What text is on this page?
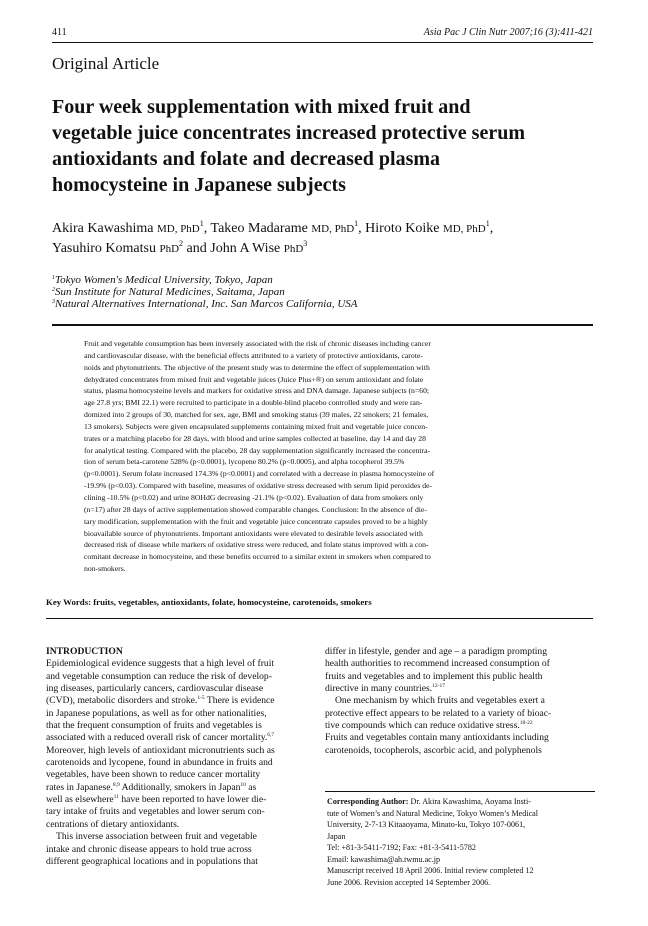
411	Asia Pac J Clin Nutr 2007;16 (3):411-421
Original Article
Four week supplementation with mixed fruit and
vegetable juice concentrates increased protective serum
antioxidants and folate and decreased plasma
homocysteine in Japanese subjects
Akira Kawashima MD, PhD$^1$, Takeo Madarame MD, PhD$^1$, Hiroto Koike MD, PhD$^1$,
Yasuhiro Komatsu PhD$^2$ and John A Wise PhD$^3$
$^1$Tokyo Women's Medical University, Tokyo, Japan
$^2$Sun Institute for Natural Medicines, Saitama, Japan
$^3$Natural Alternatives International, Inc. San Marcos California, USA
Fruit and vegetable consumption has been inversely associated with the risk of chronic diseases including cancer
and cardiovascular disease, with the beneficial effects attributed to a variety of protective antioxidants, carote-
noids and phytonutrients. The objective of the present study was to determine the effect of supplementation with
dehydrated concentrates from mixed fruit and vegetable juices (Juice Plus+®) on serum antioxidant and folate
status, plasma homocysteine levels and markers for oxidative stress and DNA damage. Japanese subjects (n=60;
age 27.8 yrs; BMI 22.1) were recruited to participate in a double-blind placebo controlled study and were ran-
domized into 2 groups of 30, matched for sex, age, BMI and smoking status (39 males, 22 smokers; 21 females,
13 smokers). Subjects were given encapsulated supplements containing mixed fruit and vegetable juice concen-
trates or a matching placebo for 28 days, with blood and urine samples collected at baseline, day 14 and day 28
for analytical testing. Compared with the placebo, 28 day supplementation significantly increased the concentra-
tion of serum beta-carotene 528% (p<0.0001), lycopene 80.2% (p<0.0005), and alpha tocopherol 39.5%
(p<0.0001). Serum folate increased 174.3% (p<0.0001) and correlated with a decrease in plasma homocysteine of
-19.9% (p<0.03). Compared with baseline, measures of oxidative stress decreased with serum lipid peroxides de-
clining -10.5% (p<0.02) and urine 8OHdG decreasing -21.1% (p<0.02). Evaluation of data from smokers only
(n=17) after 28 days of active supplementation showed comparable changes. Conclusion: In the absence of die-
tary modification, supplementation with the fruit and vegetable juice concentrate capsules proved to be a highly
bioavailable source of phytonutrients. Important antioxidants were elevated to desirable levels associated with
decreased risk of disease while markers of oxidative stress were reduced, and folate status improved with a con-
comitant decrease in homocysteine, and these benefits occurred to a similar extent in smokers when compared to
non-smokers.
Key Words: fruits, vegetables, antioxidants, folate, homocysteine, carotenoids, smokers
INTRODUCTION
Epidemiological evidence suggests that a high level of fruit
and vegetable consumption can reduce the risk of develop-
ing diseases, particularly cancers, cardiovascular disease
(CVD), metabolic disorders and stroke.$^{1-5}$ There is evidence
in Japanese populations, as well as for other nationalities,
that the frequent consumption of fruits and vegetables is
associated with a reduced overall risk of cancer mortality.$^{6,7}$
Moreover, high levels of antioxidant micronutrients such as
carotenoids and lycopene, found in abundance in fruits and
vegetables, have been shown to reduce cancer mortality
rates in Japanese.$^{8,9}$ Additionally, smokers in Japan$^{10}$ as
well as elsewhere$^{11}$ have been reported to have lower die-
tary intake of fruits and vegetables and lower serum con-
centrations of dietary antioxidants.
This inverse association between fruit and vegetable
intake and chronic disease appears to hold true across
different geographical locations and in populations that
differ in lifestyle, gender and age – a paradigm prompting
health authorities to recommend increased consumption of
fruits and vegetables and to implement this public health
directive in many countries.$^{12-17}$
One mechanism by which fruits and vegetables exert a
protective effect appears to be related to a variety of bioac-
tive compounds which can reduce oxidative stress.$^{18-22}$
Fruits and vegetables contain many antioxidants including
carotenoids, tocopherols, ascorbic acid, and polyphenols
Corresponding Author: Dr. Akira Kawashima, Aoyama Insti-
tute of Women’s and Natural Medicine, Tokyo Women’s Medical
University, 2-7-13 Kitaaoyama, Minato-ku, Tokyo 107-0061,
Japan
Tel: +81-3-5411-7192; Fax: +81-3-5411-5782
Email: kawashima@ah.twmu.ac.jp
Manuscript received 18 April 2006. Initial review completed 12
June 2006. Revision accepted 14 September 2006.
